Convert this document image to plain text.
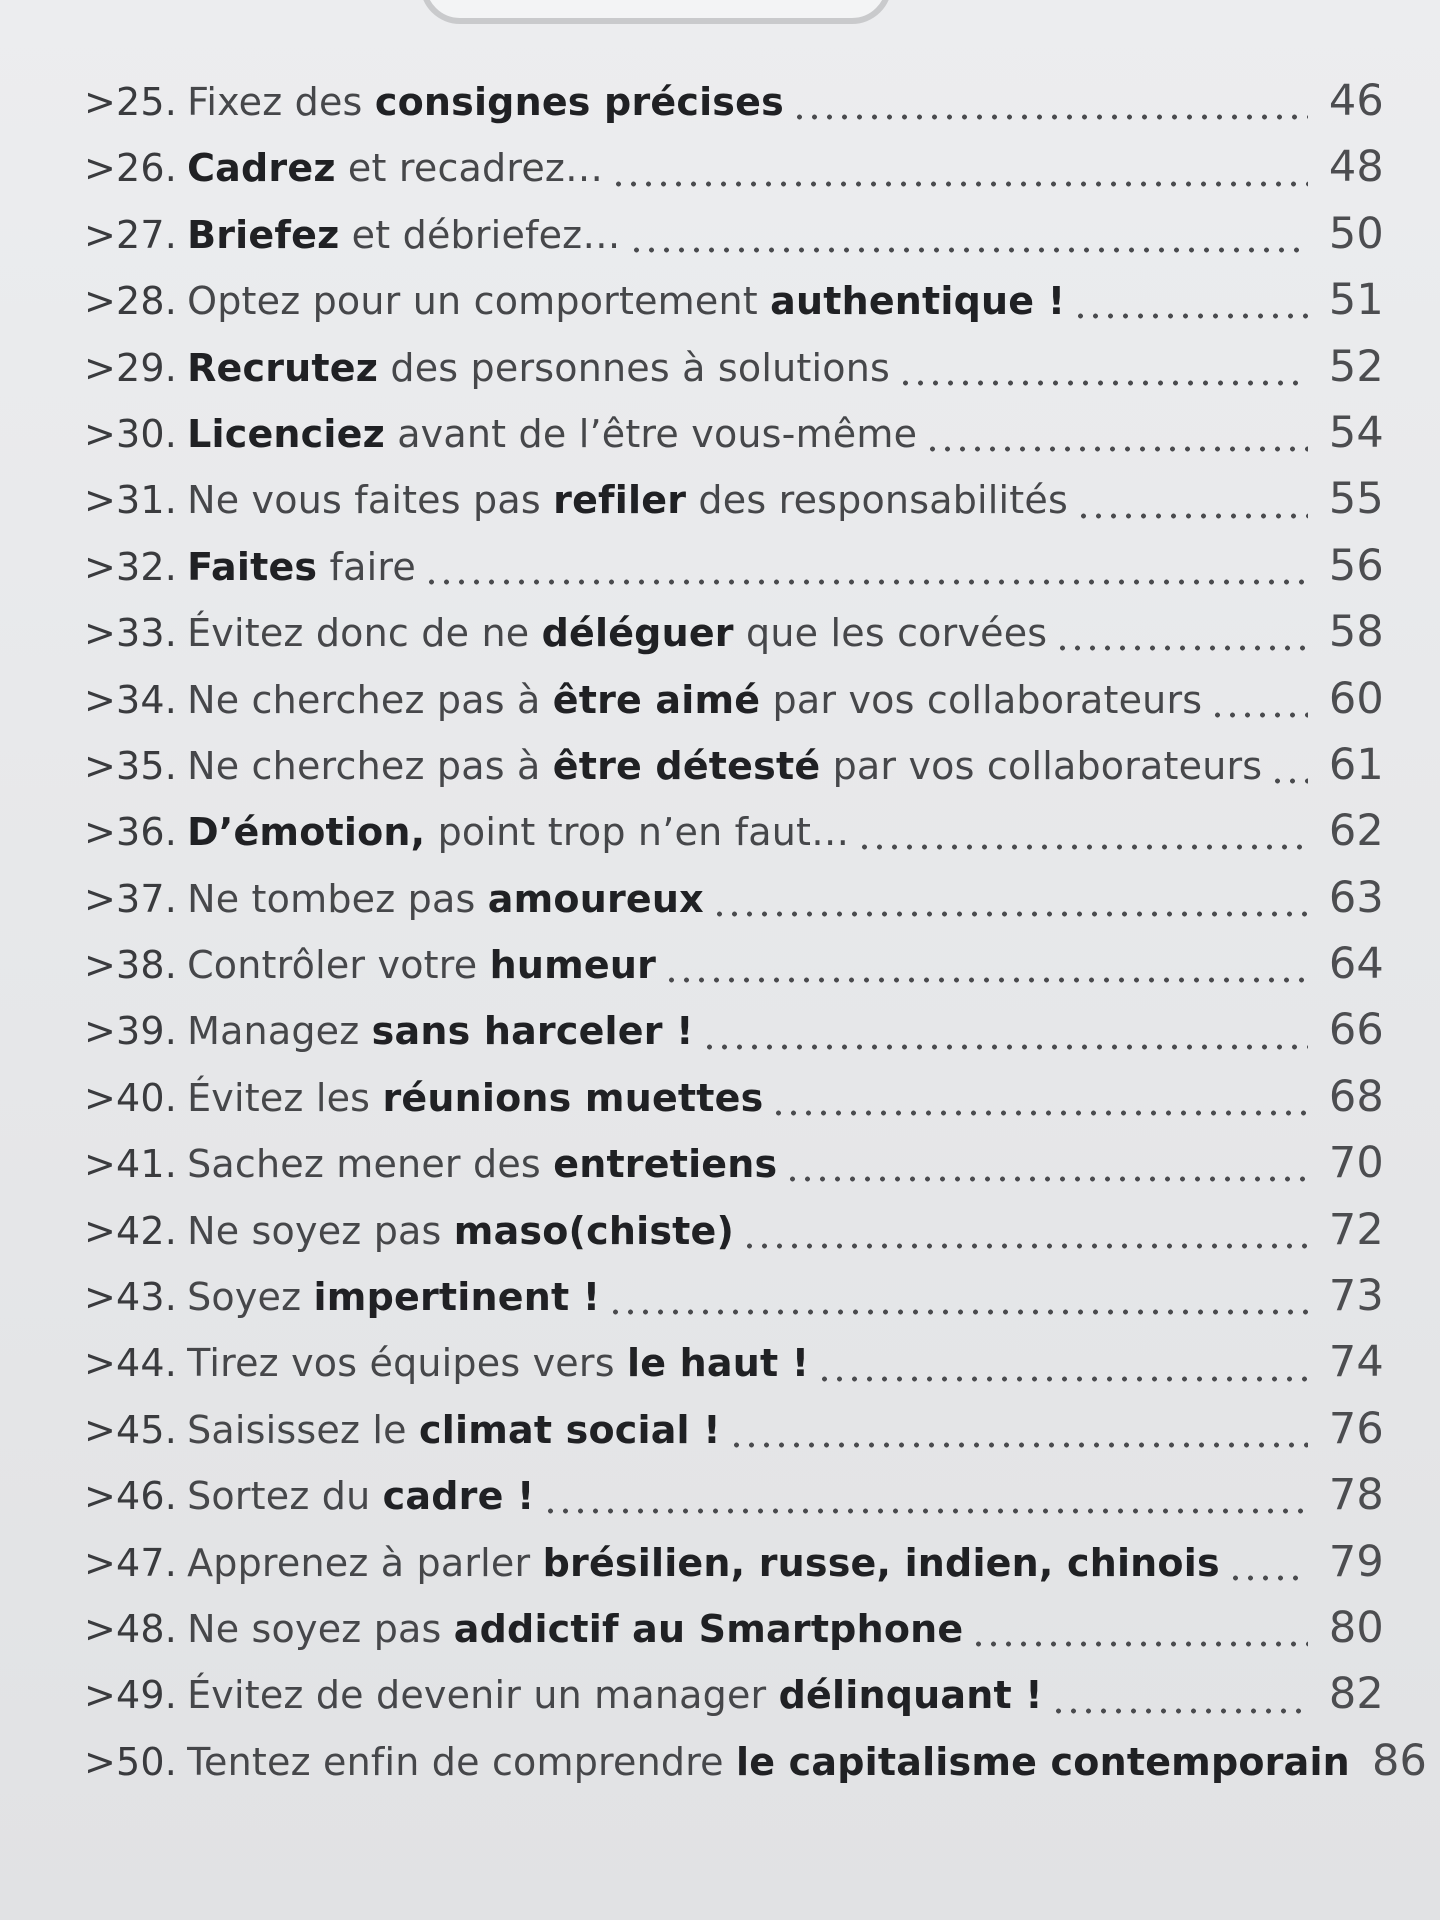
>25. Fixez des consignes précises	46
>26. Cadrez et recadrez…	48
>27. Briefez et débriefez…	50
>28. Optez pour un comportement authentique !	51
>29. Recrutez des personnes à solutions	52
>30. Licenciez avant de l’être vous-même	54
>31. Ne vous faites pas refiler des responsabilités	55
>32. Faites faire	56
>33. Évitez donc de ne déléguer que les corvées	58
>34. Ne cherchez pas à être aimé par vos collaborateurs	60
>35. Ne cherchez pas à être détesté par vos collaborateurs 61
>36. D’émotion, point trop n’en faut…	62
>37. Ne tombez pas amoureux	63
>38. Contrôler votre humeur	64
>39. Managez sans harceler !	66
>40. Évitez les réunions muettes	68
>41. Sachez mener des entretiens	70
>42. Ne soyez pas maso(chiste)	72
>43. Soyez impertinent !	73
>44. Tirez vos équipes vers le haut !	74
>45. Saisissez le climat social !	76
>46. Sortez du cadre !	78
>47. Apprenez à parler brésilien, russe, indien, chinois	79
>48. Ne soyez pas addictif au Smartphone	80
>49. Évitez de devenir un manager délinquant !	82
>50. Tentez enfin de comprendre le capitalisme contemporain 86
